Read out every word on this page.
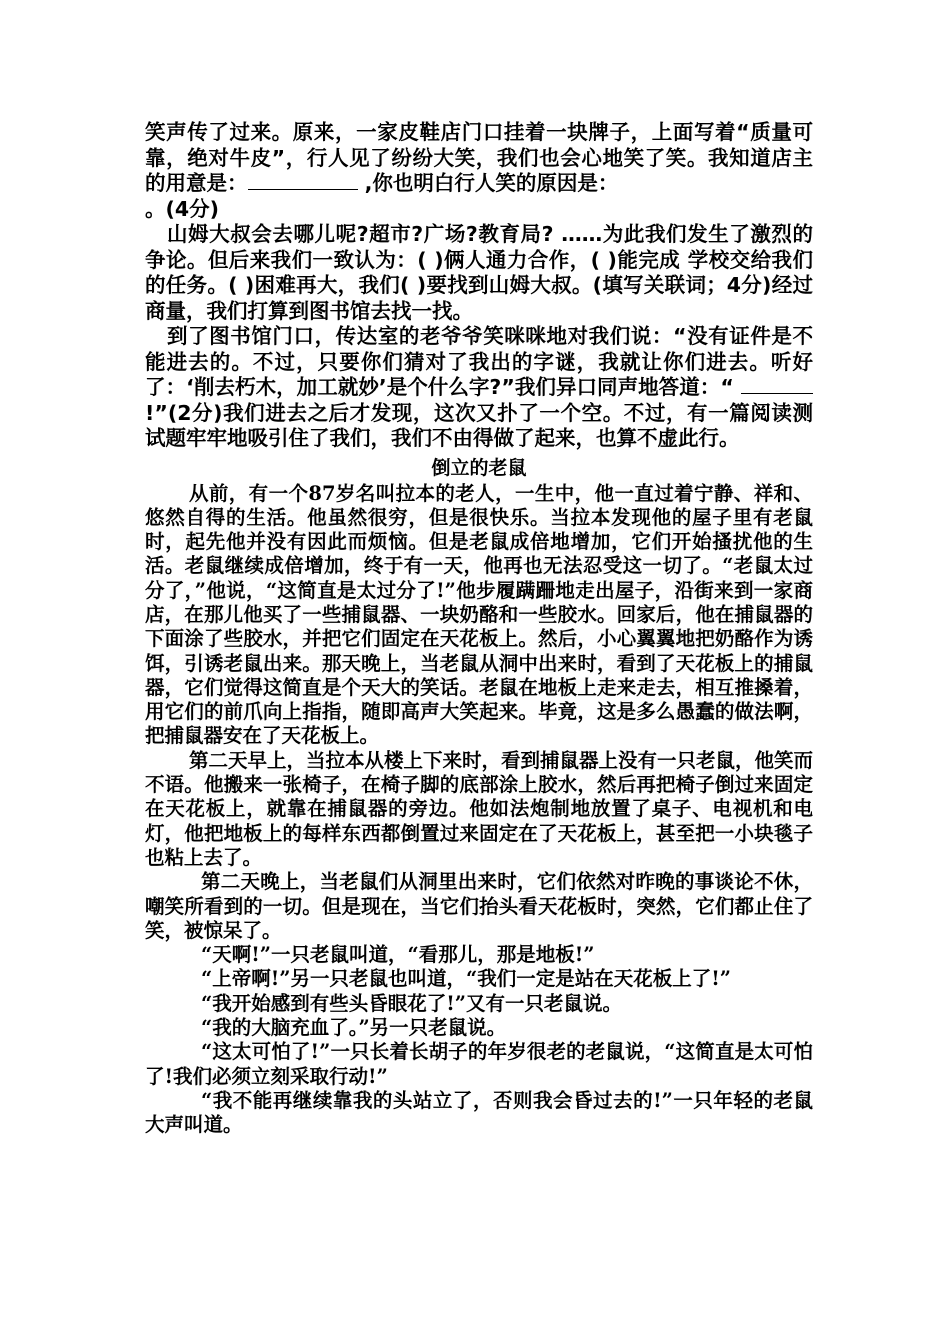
笑声传了过来。原来，一家皮鞋店门口挂着一块牌子，上面写着“质量可靠，绝对牛皮”，行人见了纷纷大笑，我们也会心地笑了笑。我知道店主的用意是：	,你也明白行人笑的原因是：
。(4分)

山姆大叔会去哪儿呢?超市?广场?教育局? ……为此我们发生了激烈的争论。但后来我们一致认为：( )俩人通力合作，( )能完成 学校交给我们的任务。( )困难再大，我们( )要找到山姆大叔。(填写关联词；4分)经过商量，我们打算到图书馆去找一找。

到了图书馆门口，传达室的老爷爷笑咪咪地对我们说：“没有证件是不能进去的。不过，只要你们猜对了我出的字谜，我就让你们进去。听好了：‘削去朽木，加工就妙’是个什么字?”我们异口同声地答道：“ !”(2分)我们进去之后才发现，这次又扑了一个空。不过，有一篇阅读测试题牢牢地吸引住了我们，我们不由得做了起来，也算不虚此行。

倒立的老鼠

从前，有一个87岁名叫拉本的老人，一生中，他一直过着宁静、祥和、悠然自得的生活。他虽然很穷，但是很快乐。当拉本发现他的屋子里有老鼠时，起先他并没有因此而烦恼。但是老鼠成倍地增加，它们开始搔扰他的生活。老鼠继续成倍增加，终于有一天，他再也无法忍受这一切了。“老鼠太过分了，”他说，“这简直是太过分了!”他步履蹒跚地走出屋子，沿街来到一家商店，在那儿他买了一些捕鼠器、一块奶酪和一些胶水。回家后，他在捕鼠器的下面涂了些胶水，并把它们固定在天花板上。然后，小心翼翼地把奶酪作为诱饵，引诱老鼠出来。那天晚上，当老鼠从洞中出来时，看到了天花板上的捕鼠器，它们觉得这简直是个天大的笑话。老鼠在地板上走来走去，相互推搡着，用它们的前爪向上指指，随即高声大笑起来。毕竟，这是多么愚蠢的做法啊，把捕鼠器安在了天花板上。

第二天早上，当拉本从楼上下来时，看到捕鼠器上没有一只老鼠，他笑而不语。他搬来一张椅子，在椅子脚的底部涂上胶水，然后再把椅子倒过来固定在天花板上，就靠在捕鼠器的旁边。他如法炮制地放置了桌子、电视机和电灯，他把地板上的每样东西都倒置过来固定在了天花板上，甚至把一小块毯子也粘上去了。

第二天晚上，当老鼠们从洞里出来时，它们依然对昨晚的事谈论不休，嘲笑所看到的一切。但是现在，当它们抬头看天花板时，突然，它们都止住了笑，被惊呆了。

“天啊!”一只老鼠叫道，“看那儿，那是地板!”

“上帝啊!”另一只老鼠也叫道，“我们一定是站在天花板上了!”

“我开始感到有些头昏眼花了!”又有一只老鼠说。

“我的大脑充血了。”另一只老鼠说。

“这太可怕了!”一只长着长胡子的年岁很老的老鼠说，“这简直是太可怕了!我们必须立刻采取行动!”

“我不能再继续靠我的头站立了，否则我会昏过去的!”一只年轻的老鼠大声叫道。
